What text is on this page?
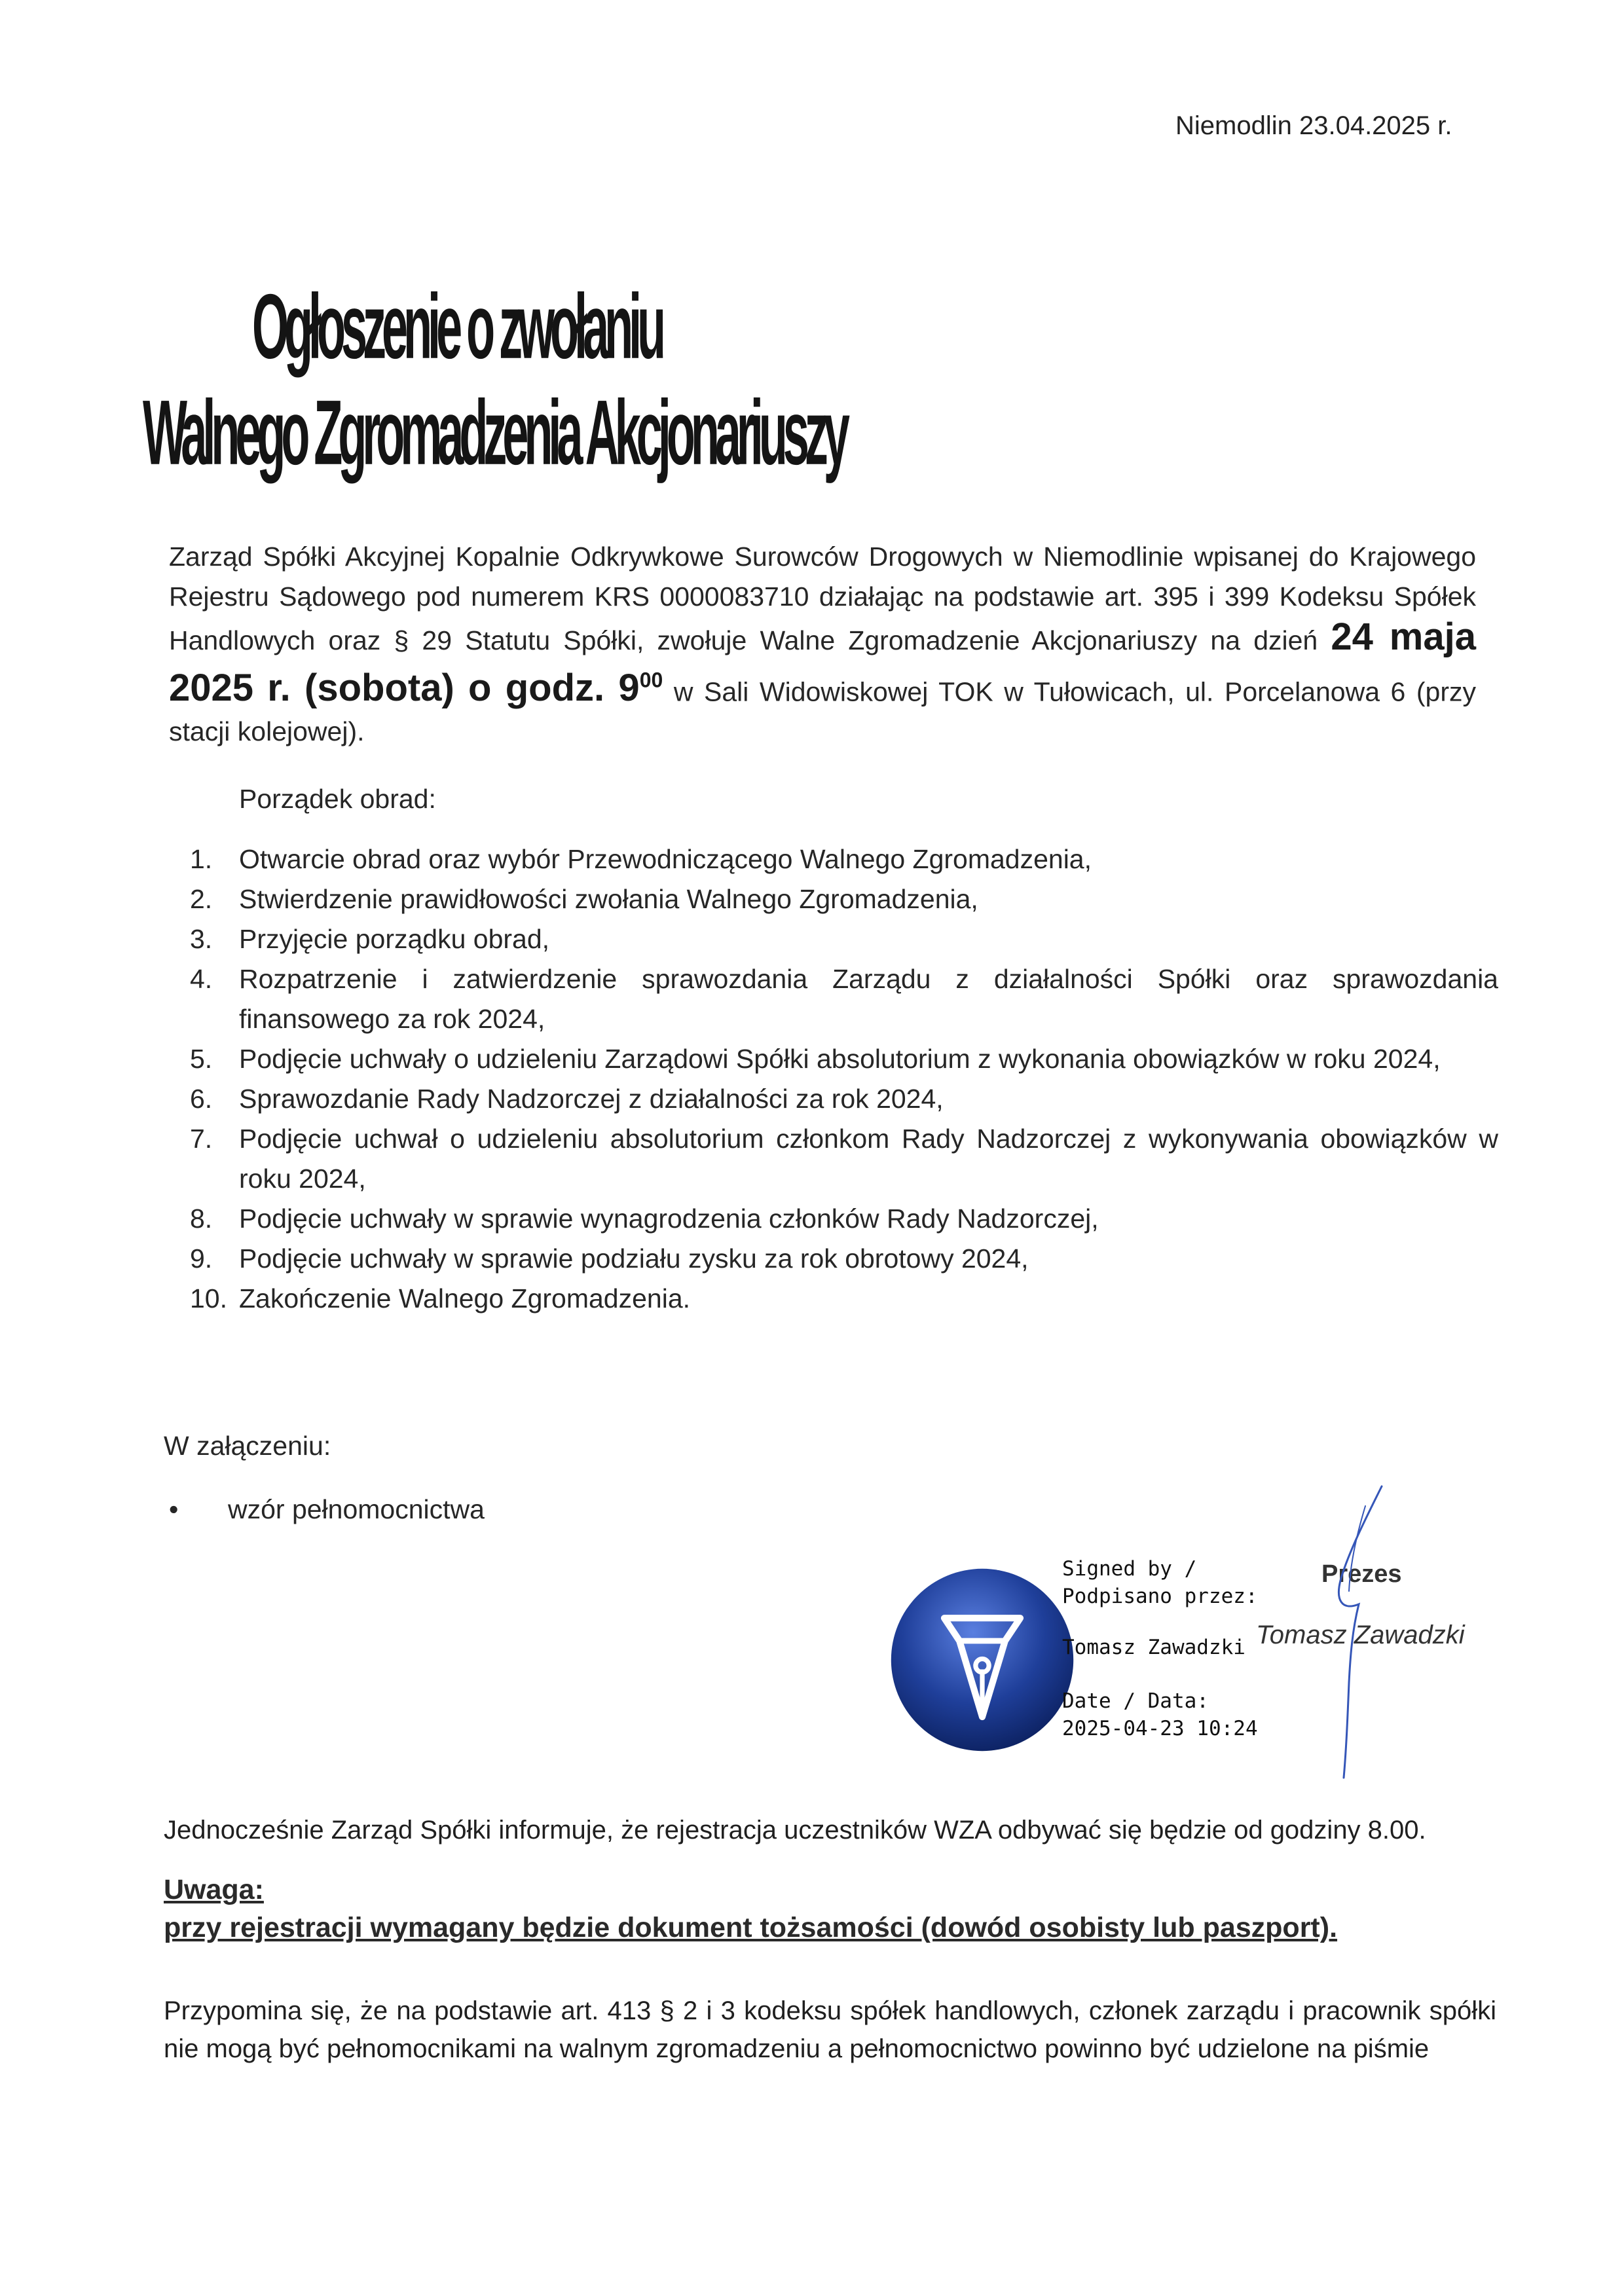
Niemodlin 23.04.2025 r.
Ogłoszenie o zwołaniu
Walnego Zgromadzenia Akcjonariuszy
Zarząd Spółki Akcyjnej Kopalnie Odkrywkowe Surowców Drogowych w Niemodlinie wpisanej do Krajowego Rejestru Sądowego pod numerem KRS 0000083710 działając na podstawie art. 395 i 399 Kodeksu Spółek Handlowych oraz § 29 Statutu Spółki, zwołuje Walne Zgromadzenie Akcjonariuszy na dzień 24 maja 2025 r. (sobota) o godz. $9^{00}$ w Sali Widowiskowej TOK w Tułowicach, ul. Porcelanowa 6 (przy stacji kolejowej).
Porządek obrad:
1. Otwarcie obrad oraz wybór Przewodniczącego Walnego Zgromadzenia,
2. Stwierdzenie prawidłowości zwołania Walnego Zgromadzenia,
3. Przyjęcie porządku obrad,
4. Rozpatrzenie i zatwierdzenie sprawozdania Zarządu z działalności Spółki oraz sprawozdania finansowego za rok 2024,
5. Podjęcie uchwały o udzieleniu Zarządowi Spółki absolutorium z wykonania obowiązków w roku 2024,
6. Sprawozdanie Rady Nadzorczej z działalności za rok 2024,
7. Podjęcie uchwał o udzieleniu absolutorium członkom Rady Nadzorczej z wykonywania obowiązków w roku 2024,
8. Podjęcie uchwały w sprawie wynagrodzenia członków Rady Nadzorczej,
9. Podjęcie uchwały w sprawie podziału zysku za rok obrotowy 2024,
10. Zakończenie Walnego Zgromadzenia.
W załączeniu:
• wzór pełnomocnictwa
Signed by /
Podpisano przez:
Tomasz Zawadzki
Date / Data:
2025-04-23 10:24
Prezes
Tomasz Zawadzki
Jednocześnie Zarząd Spółki informuje, że rejestracja uczestników WZA odbywać się będzie od godziny 8.00.
Uwaga:
przy rejestracji wymagany będzie dokument tożsamości (dowód osobisty lub paszport).
Przypomina się, że na podstawie art. 413 § 2 i 3 kodeksu spółek handlowych, członek zarządu i pracownik spółki nie mogą być pełnomocnikami na walnym zgromadzeniu a pełnomocnictwo powinno być udzielone na piśmie
